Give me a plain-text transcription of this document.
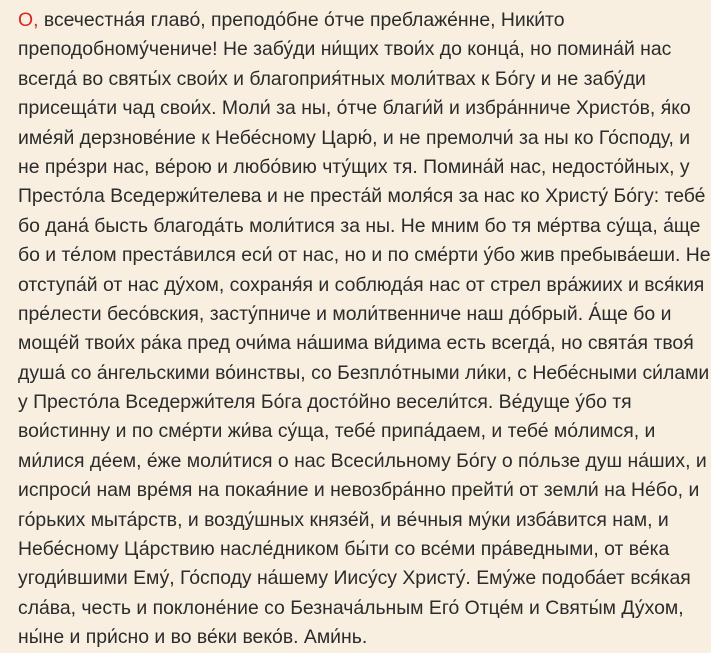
О, всечестна́я главо́, преподо́бне о́тче преблаже́нне, Ники́то
преподобному́чениче! Не забу́ди ни́щих твои́х до конца́, но помина́й нас
всегда́ во святы́х свои́х и благоприя́тных моли́твах к Бо́гу и не забу́ди
присеща́ти чад свои́х. Моли́ за ны, о́тче благи́й и избра́нниче Христо́в, я́ко
име́яй дерзнове́ние к Небе́сному Царю́, и не премолчи́ за ны ко Го́споду, и
не пре́зри нас, ве́рою и любо́вию чту́щих тя. Помина́й нас, недосто́йных, у
Престо́ла Вседержи́телева и не преста́й моля́ся за нас ко Христу́ Бо́гу: тебе́
бо дана́ бысть благода́ть моли́тися за ны. Не мним бо тя ме́ртва су́ща, а́ще
бо и те́лом преста́вился еси́ от нас, но и по сме́рти у́бо жив пребыва́еши. Не
отступа́й от нас ду́хом, сохраня́я и соблюда́я нас от стрел вра́жиих и вся́кия
пре́лести бесо́вския, засту́пниче и моли́твенниче наш до́брый. А́ще бо и
моще́й твои́х ра́ка пред очи́ма на́шима ви́дима есть всегда́, но свята́я твоя́
душа́ со а́нгельскими во́инствы, со Безпло́тными ли́ки, с Небе́сными си́лами
у Престо́ла Вседержи́теля Бо́га досто́йно весели́тся. Ве́дуще у́бо тя
вои́стинну и по сме́рти жи́ва су́ща, тебе́ припа́даем, и тебе́ мо́лимся, и
ми́лися де́ем, е́же моли́тися о нас Всеси́льному Бо́гу о по́льзе душ на́ших, и
испроси́ нам вре́мя на покая́ние и невозбра́нно прейти́ от земли́ на Не́бо, и
го́рьких мыта́рств, и возду́шных князе́й, и ве́чныя му́ки изба́вится нам, и
Небе́сному Ца́рствию насле́дником бы́ти со все́ми пра́ведными, от ве́ка
угоди́вшими Ему́, Го́споду на́шему Иису́су Христу́. Ему́же подоба́ет вся́кая
сла́ва, честь и поклоне́ние со Безнача́льным Его́ Отце́м и Святы́м Ду́хом,
ны́не и при́сно и во ве́ки веко́в. Ами́нь.
